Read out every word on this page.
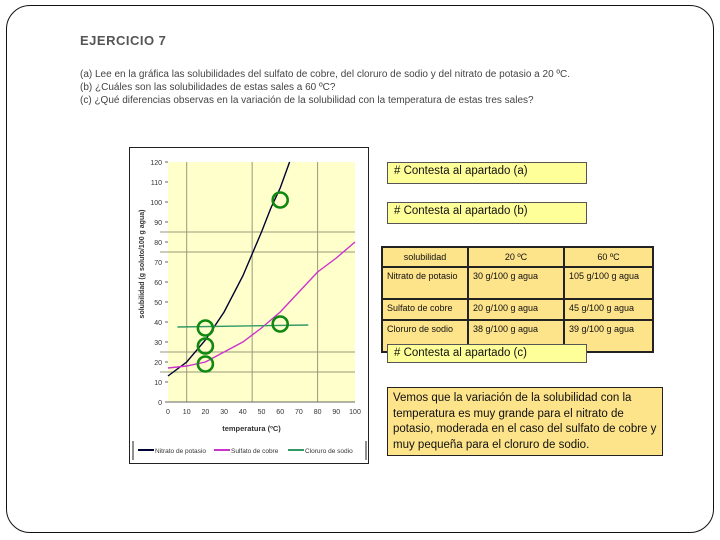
EJERCICIO 7
(a) Lee en la gráfica las solubilidades del sulfato de cobre, del cloruro de sodio y del nitrato de potasio a 20 ºC.
(b) ¿Cuáles son las solubilidades de estas sales a 60 ºC?
(c) ¿Qué diferencias observas en la variación de la solubilidad con la temperatura de estas tres sales?
0
10
20
30
40
50
60
70
80
90
100
110
120
0 10 20 30 40 50 60 70 80 90 100
temperatura (ºC)
solubilidad (g soluto/100 g agua)
Nitrato de potasio	Sulfato de cobre	Cloruro de sodio
# Contesta al apartado (a)
# Contesta al apartado (b)
solubilidad	20 ºC	60 ºC
Nitrato de potasio	30 g/100 g agua	105 g/100 g agua
Sulfato de cobre	20 g/100 g agua	45 g/100 g agua
Cloruro de sodio	38 g/100 g agua	39 g/100 g agua
# Contesta al apartado (c)
Vemos que la variación de la solubilidad con la temperatura es muy grande para el nitrato de potasio, moderada en el caso del sulfato de cobre y muy pequeña para el cloruro de sodio.
